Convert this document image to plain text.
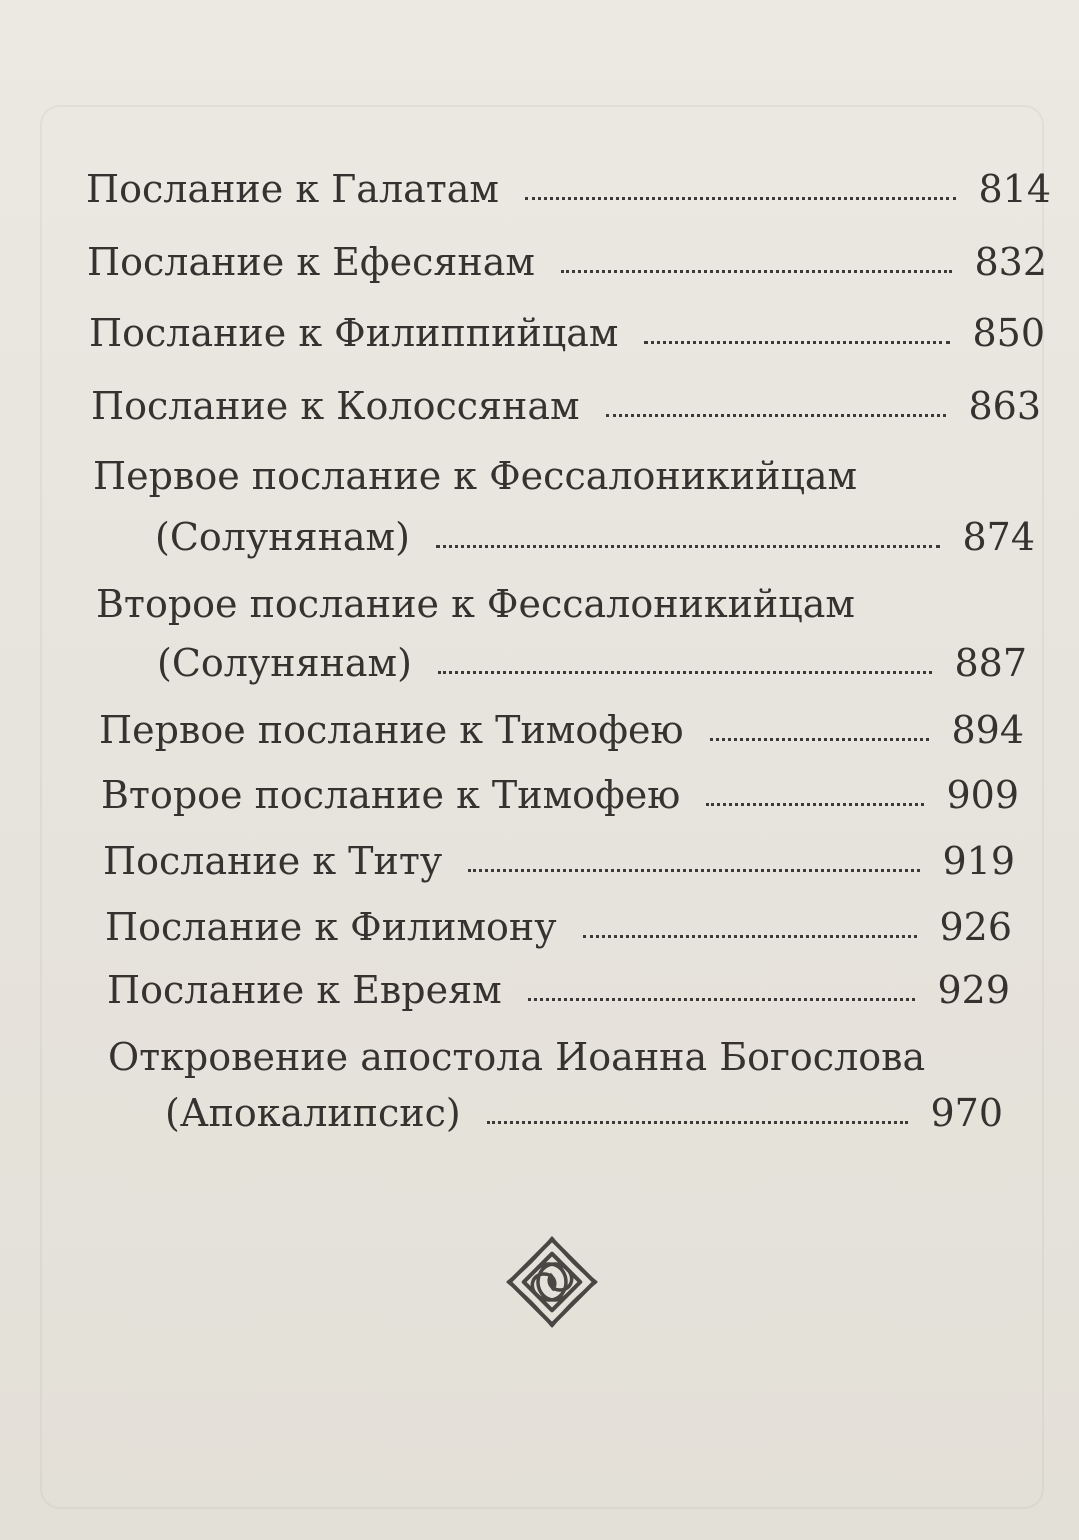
Послание к Галатам	814
Послание к Ефесянам	832
Послание к Филиппийцам	850
Послание к Колоссянам	863
Первое послание к Фессалоникийцам
(Солунянам)	874
Второе послание к Фессалоникийцам
(Солунянам)	887
Первое послание к Тимофею	894
Второе послание к Тимофею	909
Послание к Титу	919
Послание к Филимону	926
Послание к Евреям	929
Откровение апостола Иоанна Богослова
(Апокалипсис)	970
